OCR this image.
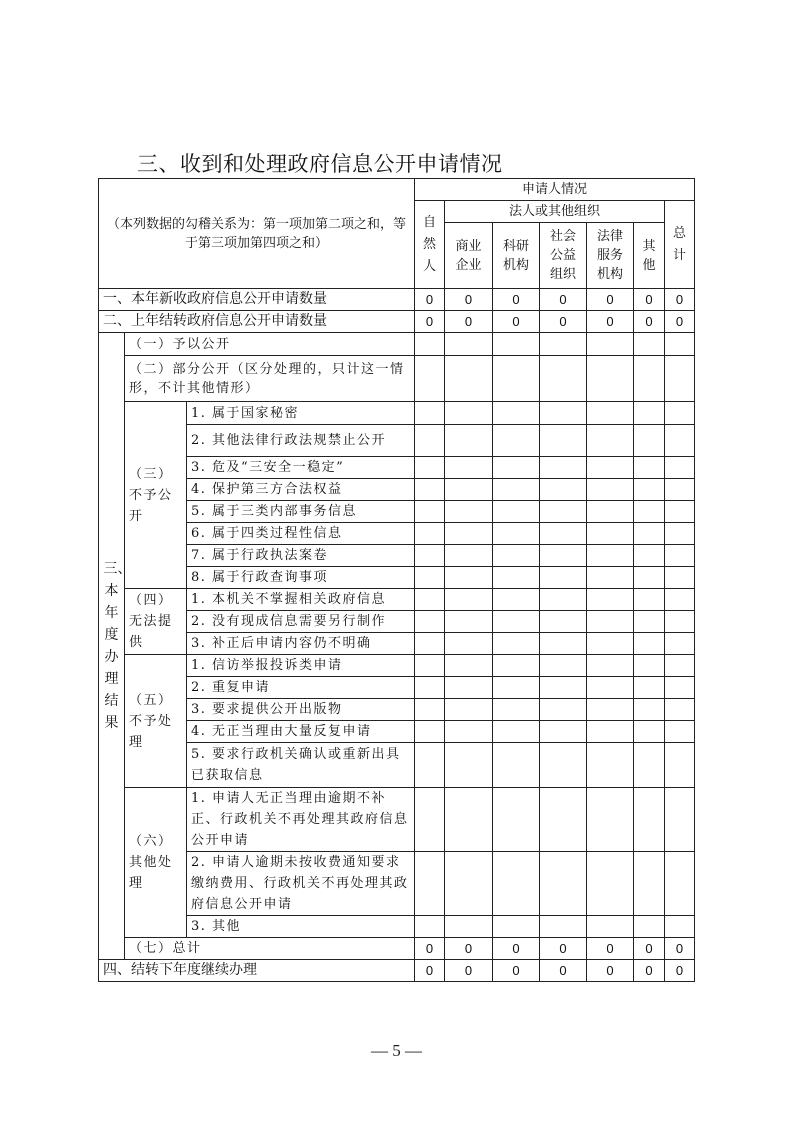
三、收到和处理政府信息公开申请情况
（本列数据的勾稽关系为：第一项加第二项之和，等于第三项加第四项之和）			申请人情况						
			自然人	法人或其他组织					总计
				商业企业	科研机构	社会公益组织	法律服务机构	其他	
一、本年新收政府信息公开申请数量			0	0	0	0	0	0	0
二、上年结转政府信息公开申请数量			0	0	0	0	0	0	0
三、本年度办理结果	（一）予以公开								
	（二）部分公开（区分处理的，只计这一情形，不计其他情形）								
	（三）不予公开	1. 属于国家秘密							
		2. 其他法律行政法规禁止公开							
		3. 危及“三安全一稳定”							
		4. 保护第三方合法权益							
		5. 属于三类内部事务信息							
		6. 属于四类过程性信息							
		7. 属于行政执法案卷							
		8. 属于行政查询事项							
	（四）无法提供	1. 本机关不掌握相关政府信息							
		2. 没有现成信息需要另行制作							
		3. 补正后申请内容仍不明确							
	（五）不予处理	1. 信访举报投诉类申请							
		2. 重复申请							
		3. 要求提供公开出版物							
		4. 无正当理由大量反复申请							
		5. 要求行政机关确认或重新出具已获取信息							
	（六）其他处理	1. 申请人无正当理由逾期不补正、行政机关不再处理其政府信息公开申请							
		2. 申请人逾期未按收费通知要求缴纳费用、行政机关不再处理其政府信息公开申请							
		3. 其他							
	（七）总计		0	0	0	0	0	0	0
四、结转下年度继续办理			0	0	0	0	0	0	0
— 5 —
